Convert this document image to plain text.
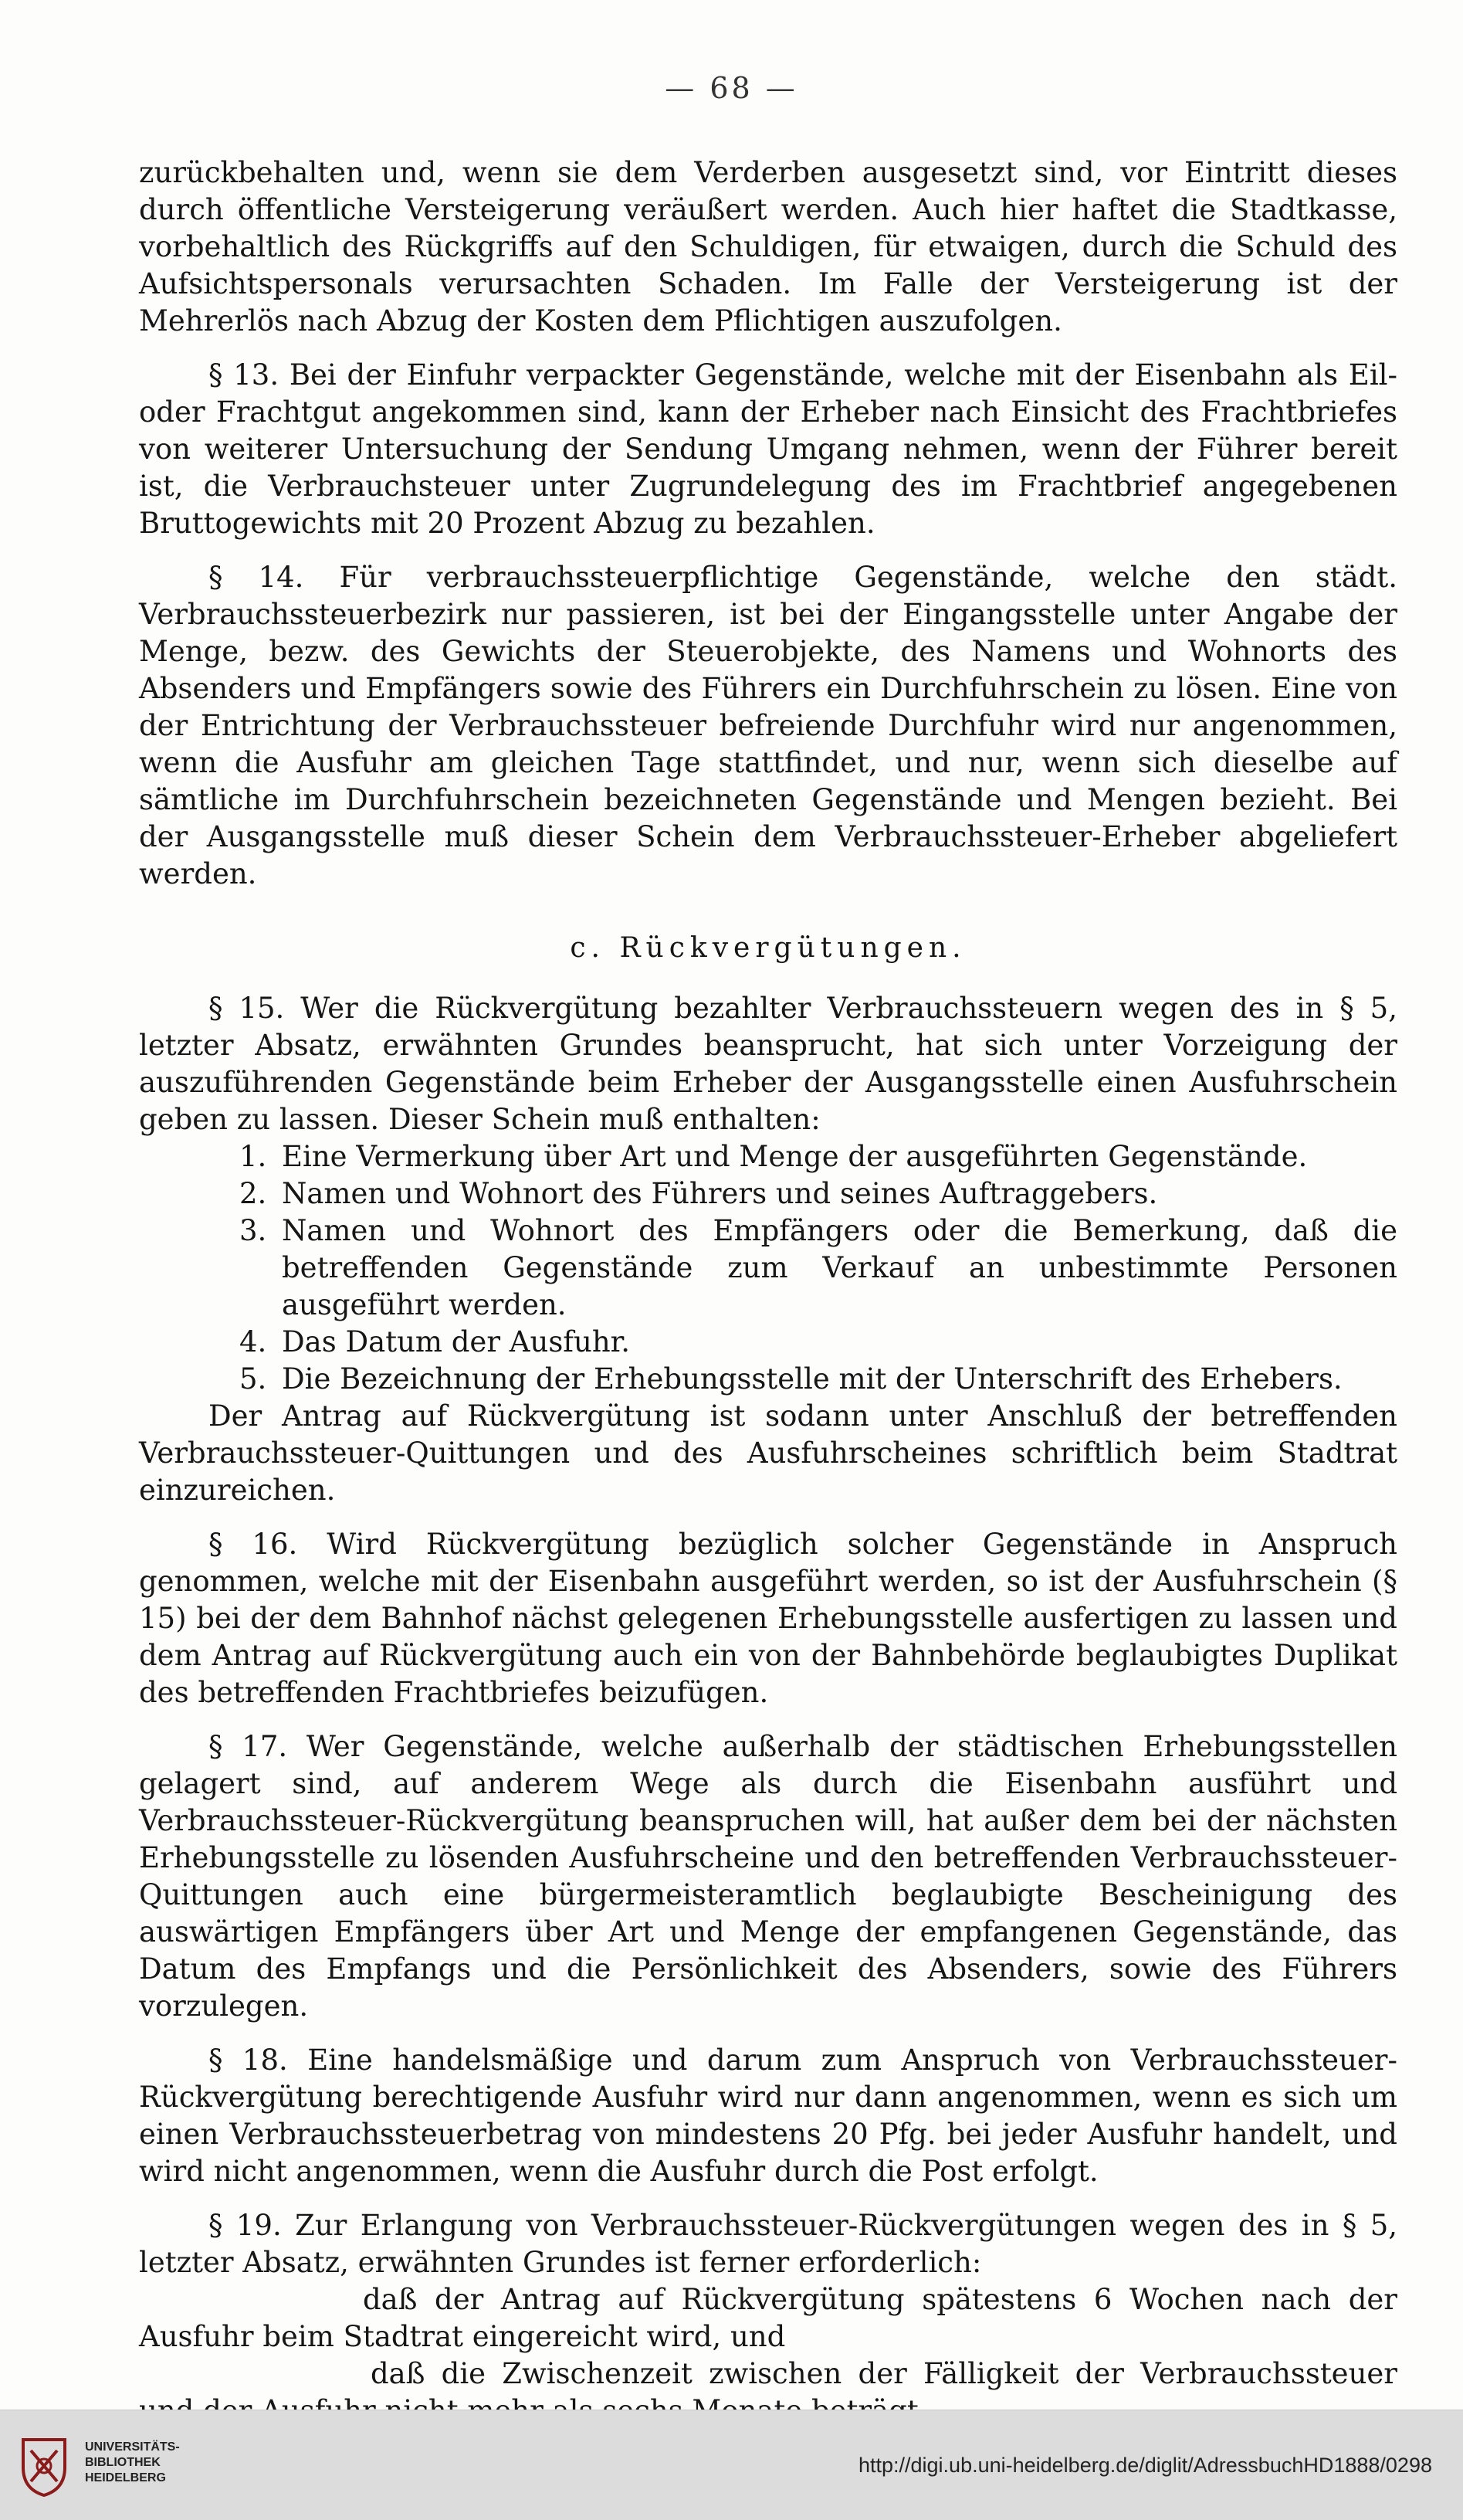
— 68 —

zurückbehalten und, wenn sie dem Verderben ausgesetzt sind, vor Eintritt dieses durch öffentliche Versteigerung veräußert werden. Auch hier haftet die Stadtkasse, vorbehaltlich des Rückgriffs auf den Schuldigen, für etwaigen, durch die Schuld des Aufsichtspersonals verursachten Schaden. Im Falle der Versteigerung ist der Mehrerlös nach Abzug der Kosten dem Pflichtigen auszufolgen.

§ 13. Bei der Einfuhr verpackter Gegenstände, welche mit der Eisenbahn als Eil- oder Frachtgut angekommen sind, kann der Erheber nach Einsicht des Frachtbriefes von weiterer Untersuchung der Sendung Umgang nehmen, wenn der Führer bereit ist, die Verbrauchsteuer unter Zugrundelegung des im Frachtbrief angegebenen Bruttogewichts mit 20 Prozent Abzug zu bezahlen.

§ 14. Für verbrauchssteuerpflichtige Gegenstände, welche den städt. Verbrauchssteuerbezirk nur passieren, ist bei der Eingangsstelle unter Angabe der Menge, bezw. des Gewichts der Steuerobjekte, des Namens und Wohnorts des Absenders und Empfängers sowie des Führers ein Durchfuhrschein zu lösen. Eine von der Entrichtung der Verbrauchssteuer befreiende Durchfuhr wird nur angenommen, wenn die Ausfuhr am gleichen Tage stattfindet, und nur, wenn sich dieselbe auf sämtliche im Durchfuhrschein bezeichneten Gegenstände und Mengen bezieht. Bei der Ausgangsstelle muß dieser Schein dem Verbrauchssteuer-Erheber abgeliefert werden.

c. Rückvergütungen.

§ 15. Wer die Rückvergütung bezahlter Verbrauchssteuern wegen des in § 5, letzter Absatz, erwähnten Grundes beansprucht, hat sich unter Vorzeigung der auszuführenden Gegenstände beim Erheber der Ausgangsstelle einen Ausfuhrschein geben zu lassen. Dieser Schein muß enthalten:

1. Eine Vermerkung über Art und Menge der ausgeführten Gegenstände.
2. Namen und Wohnort des Führers und seines Auftraggebers.
3. Namen und Wohnort des Empfängers oder die Bemerkung, daß die betreffenden Gegenstände zum Verkauf an unbestimmte Personen ausgeführt werden.
4. Das Datum der Ausfuhr.
5. Die Bezeichnung der Erhebungsstelle mit der Unterschrift des Erhebers.

Der Antrag auf Rückvergütung ist sodann unter Anschluß der betreffenden Verbrauchssteuer-Quittungen und des Ausfuhrscheines schriftlich beim Stadtrat einzureichen.

§ 16. Wird Rückvergütung bezüglich solcher Gegenstände in Anspruch genommen, welche mit der Eisenbahn ausgeführt werden, so ist der Ausfuhrschein (§ 15) bei der dem Bahnhof nächst gelegenen Erhebungsstelle ausfertigen zu lassen und dem Antrag auf Rückvergütung auch ein von der Bahnbehörde beglaubigtes Duplikat des betreffenden Frachtbriefes beizufügen.

§ 17. Wer Gegenstände, welche außerhalb der städtischen Erhebungsstellen gelagert sind, auf anderem Wege als durch die Eisenbahn ausführt und Verbrauchssteuer-Rückvergütung beanspruchen will, hat außer dem bei der nächsten Erhebungsstelle zu lösenden Ausfuhrscheine und den betreffenden Verbrauchssteuer-Quittungen auch eine bürgermeisteramtlich beglaubigte Bescheinigung des auswärtigen Empfängers über Art und Menge der empfangenen Gegenstände, das Datum des Empfangs und die Persönlichkeit des Absenders, sowie des Führers vorzulegen.

§ 18. Eine handelsmäßige und darum zum Anspruch von Verbrauchssteuer-Rückvergütung berechtigende Ausfuhr wird nur dann angenommen, wenn es sich um einen Verbrauchssteuerbetrag von mindestens 20 Pfg. bei jeder Ausfuhr handelt, und wird nicht angenommen, wenn die Ausfuhr durch die Post erfolgt.

§ 19. Zur Erlangung von Verbrauchssteuer-Rückvergütungen wegen des in § 5, letzter Absatz, erwähnten Grundes ist ferner erforderlich:

daß der Antrag auf Rückvergütung spätestens 6 Wochen nach der Ausfuhr beim Stadtrat eingereicht wird, und

daß die Zwischenzeit zwischen der Fälligkeit der Verbrauchssteuer

UNIVERSITÄTS-
BIBLIOTHEK
HEIDELBERG
http://digi.ub.uni-heidelberg.de/diglit/AdressbuchHD1888/0298
